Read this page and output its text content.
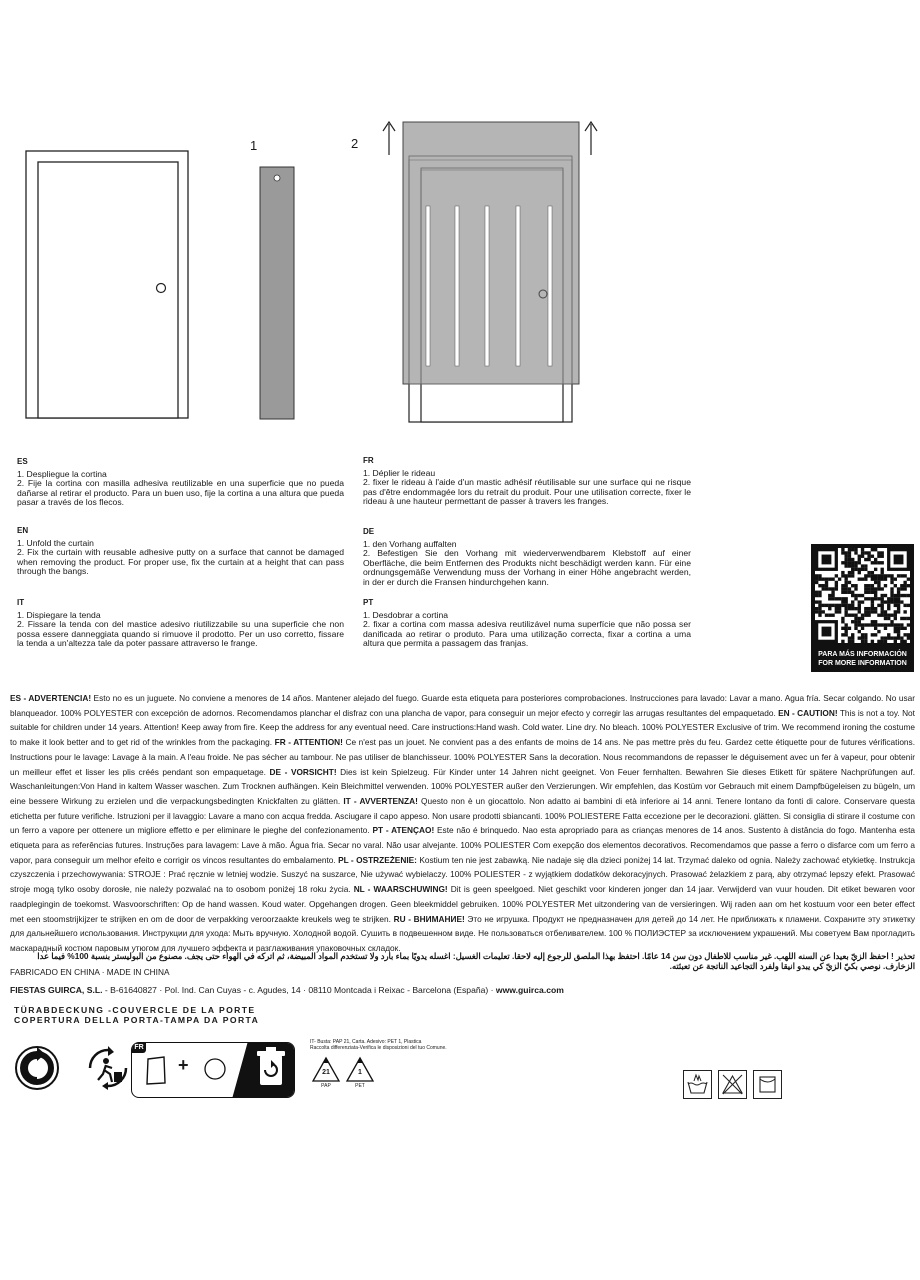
1	2
ES
1. Despliegue la cortina
2. Fije la cortina con masilla adhesiva reutilizable en una superficie que no pueda dañarse al retirar el producto. Para un buen uso, fije la cortina a una altura que pueda pasar a través de los flecos.
EN
1. Unfold the curtain
2. Fix the curtain with reusable adhesive putty on a surface that cannot be damaged when removing the product. For proper use, fix the curtain at a height that can pass through the bangs.
IT
1. Dispiegare la tenda
2. Fissare la tenda con del mastice adesivo riutilizzabile su una superficie che non possa essere danneggiata quando si rimuove il prodotto. Per un uso corretto, fissare la tenda a un'altezza tale da poter passare attraverso le frange.
FR
1. Déplier le rideau
2. fixer le rideau à l'aide d'un mastic adhésif réutilisable sur une surface qui ne risque pas d'être endommagée lors du retrait du produit. Pour une utilisation correcte, fixer le rideau à une hauteur permettant de passer à travers les franges.
DE
1. den Vorhang auffalten
2. Befestigen Sie den Vorhang mit wiederverwendbarem Klebstoff auf einer Oberfläche, die beim Entfernen des Produkts nicht beschädigt werden kann. Für eine ordnungsgemäße Verwendung muss der Vorhang in einer Höhe angebracht werden, in der er durch die Fransen hindurchgehen kann.
PT
1. Desdobrar a cortina
2. fixar a cortina com massa adesiva reutilizável numa superfície que não possa ser danificada ao retirar o produto. Para uma utilização correcta, fixar a cortina a uma altura que permita a passagem das franjas.
PARA MÁS INFORMACIÓN
FOR MORE INFORMATION
ES - ADVERTENCIA! Esto no es un juguete. No conviene a menores de 14 años. Mantener alejado del fuego. Guarde esta etiqueta para posteriores comprobaciones. Instrucciones para lavado: Lavar a mano. Agua fría. Secar colgando. No usar blanqueador. 100% POLYESTER con excepción de adornos. Recomendamos planchar el disfraz con una plancha de vapor, para conseguir un mejor efecto y corregir las arrugas resultantes del empaquetado. EN - CAUTION! This is not a toy. Not suitable for children under 14 years. Attention! Keep away from fire. Keep the address for any eventual need. Care instructions:Hand wash. Cold water. Line dry. No bleach. 100% POLYESTER Exclusive of trim. We recommend ironing the costume to make it look better and to get rid of the wrinkles from the packaging. FR - ATTENTION! Ce n'est pas un jouet. Ne convient pas a des enfants de moins de 14 ans. Ne pas mettre près du feu. Gardez cette étiquette pour de futures vérifications. Instructions pour le lavage: Lavage à la main. A l'eau froide. Ne pas sécher au tambour. Ne pas utiliser de blanchisseur. 100% POLYESTER Sans la decoration. Nous recommandons de repasser le déguisement avec un fer à vapeur, pour obtenir un meilleur effet et lisser les plis créés pendant son empaquetage. DE - VORSICHT! Dies ist kein Spielzeug. Für Kinder unter 14 Jahren nicht geeignet. Von Feuer fernhalten. Bewahren Sie dieses Etikett für spätere Nachprüfungen auf. Waschanleitungen:Von Hand in kaltem Wasser waschen. Zum Trocknen aufhängen. Kein Bleichmittel verwenden. 100% POLYESTER außer den Verzierungen. Wir empfehlen, das Kostüm vor Gebrauch mit einem Dampfbügeleisen zu bügeln, um eine bessere Wirkung zu erzielen und die verpackungsbedingten Knickfalten zu glätten. IT - AVVERTENZA! Questo non è un giocattolo. Non adatto ai bambini di età inferiore ai 14 anni. Tenere lontano da fonti di calore. Conservare questa etichetta per future verifiche. Istruzioni per il lavaggio: Lavare a mano con acqua fredda. Asciugare il capo appeso. Non usare prodotti sbiancanti. 100% POLIESTERE Fatta eccezione per le decorazioni. glätten. Si consiglia di stirare il costume con un ferro a vapore per ottenere un migliore effetto e per eliminare le pieghe del confezionamento. PT - ATENÇAO! Este não é brinquedo. Nao esta apropriado para as crianças menores de 14 anos. Sustento à distância do fogo. Mantenha esta etiqueta para as referências futures. Instruções para lavagem: Lave à mão. Água fria. Secar no varal. Não usar alvejante. 100% POLIESTER Com exepção dos elementos decorativos. Recomendamos que passe a ferro o disfarce com um ferro a vapor, para conseguir um melhor efeito e corrigir os vincos resultantes do embalamento. PL - OSTRZEŻENIE: Kostium ten nie jest zabawką. Nie nadaje się dla dzieci poniżej 14 lat. Trzymać daleko od ognia. Należy zachować etykietkę. Instrukcja czyszczenia i przechowywania: STROJE : Prać ręcznie w letniej wodzie. Suszyć na suszarce, Nie używać wybielaczy. 100% POLIESTER - z wyjątkiem dodatków dekoracyjnych. Prasować żelazkiem z parą, aby otrzymać lepszy efekt. Prasować stroje mogą tylko osoby dorosłe, nie należy pozwalać na to osobom poniżej 18 roku życia. NL - WAARSCHUWING! Dit is geen speelgoed. Niet geschikt voor kinderen jonger dan 14 jaar. Verwijderd van vuur houden. Dit etiket bewaren voor raadplegingin de toekomst. Wasvoorschriften: Op de hand wassen. Koud water. Opgehangen drogen. Geen bleekmiddel gebruiken. 100% POLYESTER Met uitzondering van de versieringen. Wij raden aan om het kostuum voor een beter effect met een stoomstrijkijzer te strijken en om de door de verpakking veroorzaakte kreukels weg te strijken. RU - ВНИМАНИЕ! Это не игрушка. Продукт не предназначен для детей до 14 лет. Не приближать к пламени. Сохраните эту этикетку для дальнейшего использования. Инструкции для ухода: Мыть вручную. Холодной водой. Сушить в подвешенном виде. Не пользоваться отбеливателем. 100 % ПОЛИЭСТЕР за исключением украшений. Мы советуем Вам прогладить маскарадный костюм паровым утюгом для лучшего эффекта и разглаживания упаковочных складок.
تحذير ! احفظ الزيّ بعيدا عن السنه اللهب. غير مناسب للاطفال دون سن 14 عامًا. احتفظ بهذا الملصق للرجوع إليه لاحقا. تعليمات الغسيل: اغسله يدويًا بماء بارد ولا تستخدم المواد المبيضة، ثم اتركه في الهواء حتى يجف. مصنوع من البوليستر بنسبة 100% فيما عدا الزخارف. نوصي بكيّ الزيّ كي يبدو انيقا ولفرد التجاعيد الناتجة عن تعبئته.
FABRICADO EN CHINA · MADE IN CHINA
FIESTAS GUIRCA, S.L. - B-61640827 · Pol. Ind. Can Cuyas - c. Agudes, 14 · 08110 Montcada i Reixac - Barcelona (España) · www.guirca.com
TÜRABDECKUNG -COUVERCLE DE LA PORTE
COPERTURA DELLA PORTA-TAMPA DA PORTA
FR
+
IT- Busta: PAP 21, Carta. Adesivo: PET 1, Plastica
Raccolta differenziata-Verifica le disposizioni del tuo Comune.
21
PAP
1
PET
